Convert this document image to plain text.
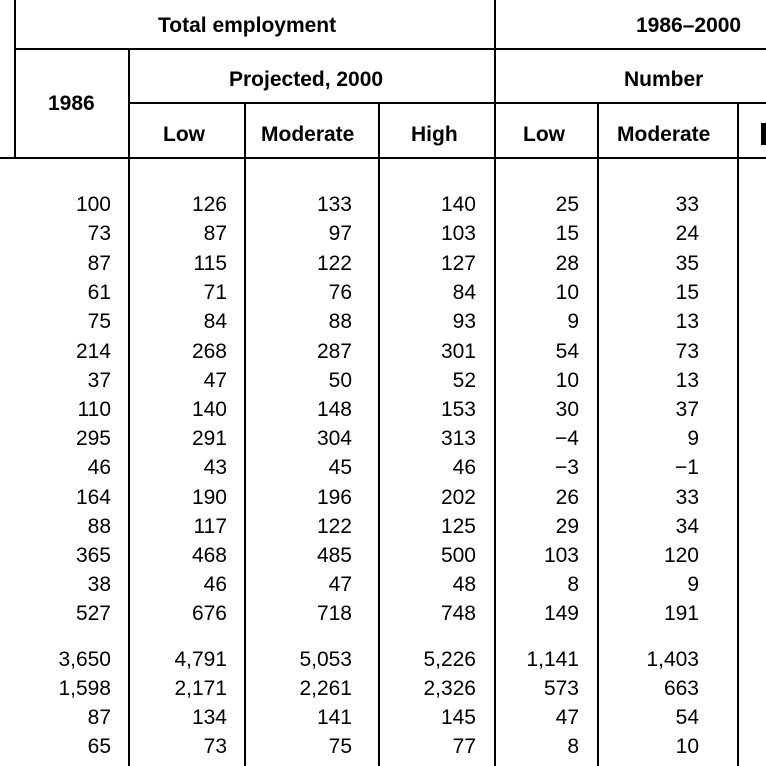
Total employment	1986–2000
Projected, 2000	Number
1986
Low	Moderate	High	Low Moderate
100	126	133	140	25	33
73	87	97	103	15	24
87	115	122	127	28	35
61	71	76	84	10	15
75	84	88	93	9	13
214	268	287	301	54	73
37	47	50	52	10	13
110	140	148	153	30	37
295	291	304	313	−4	9
46	43	45	46	−3	−1
164	190	196	202	26	33
88	117	122	125	29	34
365	468	485	500	103	120
38	46	47	48	8	9
527	676	718	748	149	191
3,650	4,791	5,053	5,226 1,141	1,403
1,598	2,171	2,261	2,326	573	663
87	134	141	145	47	54
65	73	75	77	8	10
